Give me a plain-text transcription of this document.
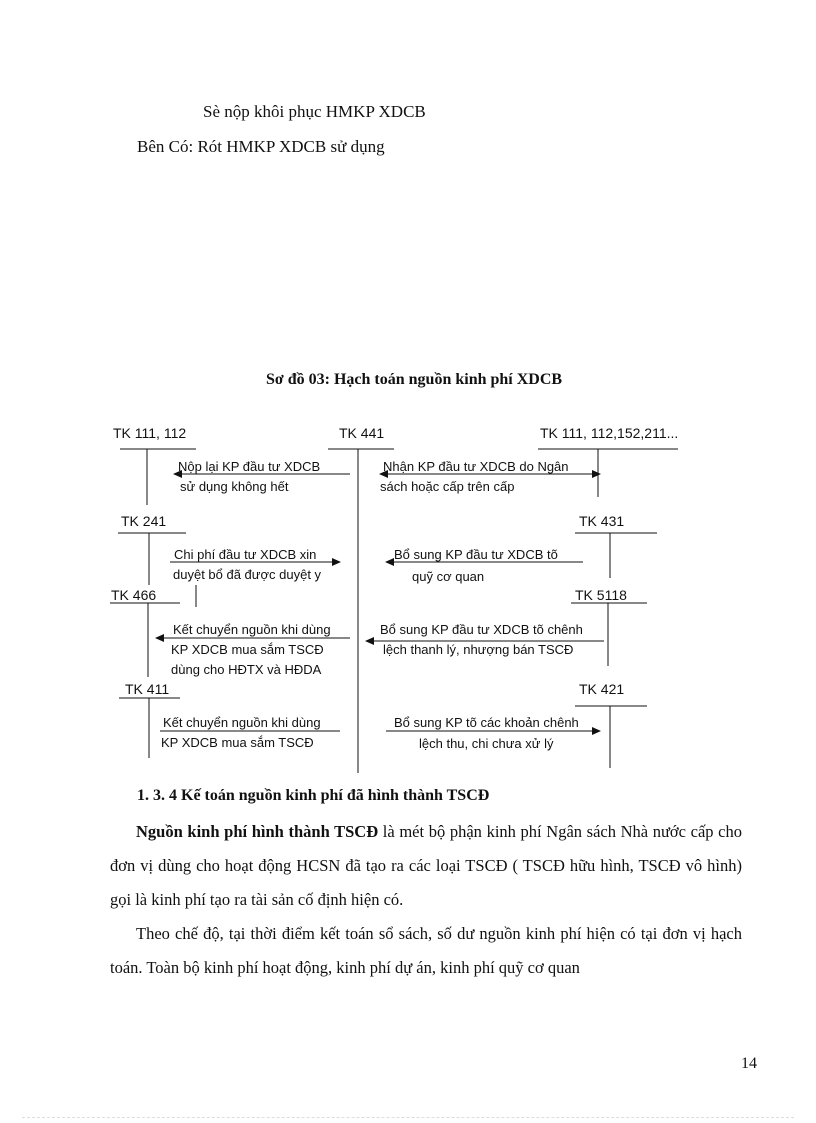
Sè nộp khôi phục HMKP XDCB
Bên Có: Rót HMKP XDCB sử dụng
Sơ đồ 03: Hạch toán nguồn kinh phí XDCB
TK 111, 112	TK 441	TK 111, 112,152,211...
TK 241	TK 431
TK 466	TK 5118
TK 411	TK 421
Nộp lại KP đầu tư XDCB
sử dụng không hết
Nhận KP đầu tư XDCB do Ngân
sách hoặc cấp trên cấp
Chi phí đầu tư XDCB xin
duyệt bổ đã được duyệt y
Bổ sung KP đầu tư XDCB tõ
quỹ cơ quan
Kết chuyển nguồn khi dùng
KP XDCB mua sắm TSCĐ
dùng cho HĐTX và HĐDA
Bổ sung KP đầu tư XDCB tõ chênh
lệch thanh lý, nhượng bán TSCĐ
Kết chuyển nguồn khi dùng
KP XDCB mua sắm TSCĐ
Bổ sung KP tõ các khoản chênh
lệch thu, chi chưa xử lý
1. 3. 4 Kế toán nguồn kinh phí đã hình thành TSCĐ

Nguồn kinh phí hình thành TSCĐ là mét bộ phận kinh phí Ngân sách Nhà nước cấp cho đơn vị dùng cho hoạt động HCSN đã tạo ra các loại TSCĐ ( TSCĐ hữu hình, TSCĐ vô hình) gọi là kinh phí tạo ra tài sản cố định hiện có.

Theo chế độ, tại thời điểm kết toán sổ sách, số dư nguồn kinh phí hiện có tại đơn vị hạch toán. Toàn bộ kinh phí hoạt động, kinh phí dự án, kinh phí quỹ cơ quan

14
